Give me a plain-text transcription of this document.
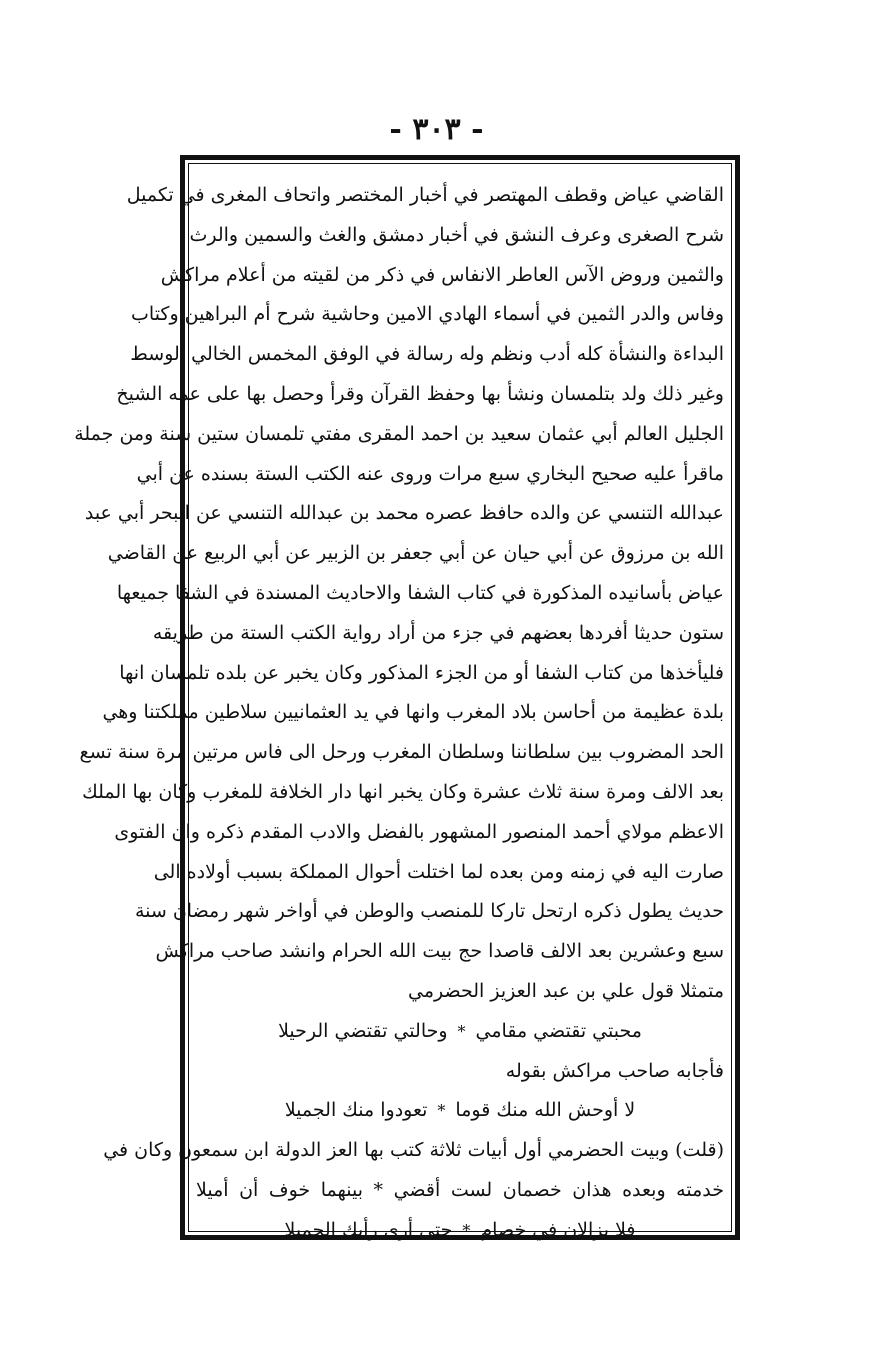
- ٣٠٣ -
القاضي عياض وقطف المهتصر في أخبار المختصر واتحاف المغرى في تكميل
شرح الصغرى وعرف النشق في أخبار دمشق والغث والسمين والرث
والثمين وروض الآس العاطر الانفاس في ذكر من لقيته من أعلام مراكش
وفاس والدر الثمين في أسماء الهادي الامين وحاشية شرح أم البراهين وكتاب
البداءة والنشأة كله أدب ونظم وله رسالة في الوفق المخمس الخالي الوسط
وغير ذلك ولد بتلمسان ونشأ بها وحفظ القرآن وقرأ وحصل بها على عمه الشيخ
الجليل العالم أبي عثمان سعيد بن احمد المقرى مفتي تلمسان ستين سنة ومن جملة
ماقرأ عليه صحيح البخاري سبع مرات وروى عنه الكتب الستة بسنده عن أبي
عبدالله التنسي عن والده حافظ عصره محمد بن عبدالله التنسي عن البحر أبي عبد
الله بن مرزوق عن أبي حيان عن أبي جعفر بن الزبير عن أبي الربيع عن القاضي
عياض بأسانيده المذكورة في كتاب الشفا والاحاديث المسندة في الشفا جميعها
ستون حديثا أفردها بعضهم في جزء من أراد رواية الكتب الستة من طريقه
فليأخذها من كتاب الشفا أو من الجزء المذكور وكان يخبر عن بلده تلمسان انها
بلدة عظيمة من أحاسن بلاد المغرب وانها في يد العثمانيين سلاطين مملكتنا وهي
الحد المضروب بين سلطاننا وسلطان المغرب ورحل الى فاس مرتين مرة سنة تسع
بعد الالف ومرة سنة ثلاث عشرة وكان يخبر انها دار الخلافة للمغرب وكان بها الملك
الاعظم مولاي أحمد المنصور المشهور بالفضل والادب المقدم ذكره وان الفتوى
صارت اليه في زمنه ومن بعده لما اختلت أحوال المملكة بسبب أولاده الى
حديث يطول ذكره ارتحل تاركا للمنصب والوطن في أواخر شهر رمضان سنة
سبع وعشرين بعد الالف قاصدا حج بيت الله الحرام وانشد صاحب مراكش
متمثلا قول علي بن عبد العزيز الحضرمي
محبتي تقتضي مقامي
*
وحالتي تقتضي الرحيلا
فأجابه صاحب مراكش بقوله
لا أوحش الله منك قوما
*
تعودوا منك الجميلا
(قلت) وبيت الحضرمي أول أبيات ثلاثة كتب بها العز الدولة ابن سمعون وكان في
خدمته وبعده هذان خصمان لست أقضي * بينهما خوف أن أميلا
فلا يزالان في خصام
*
حتى أرى رأيك الجميلا
